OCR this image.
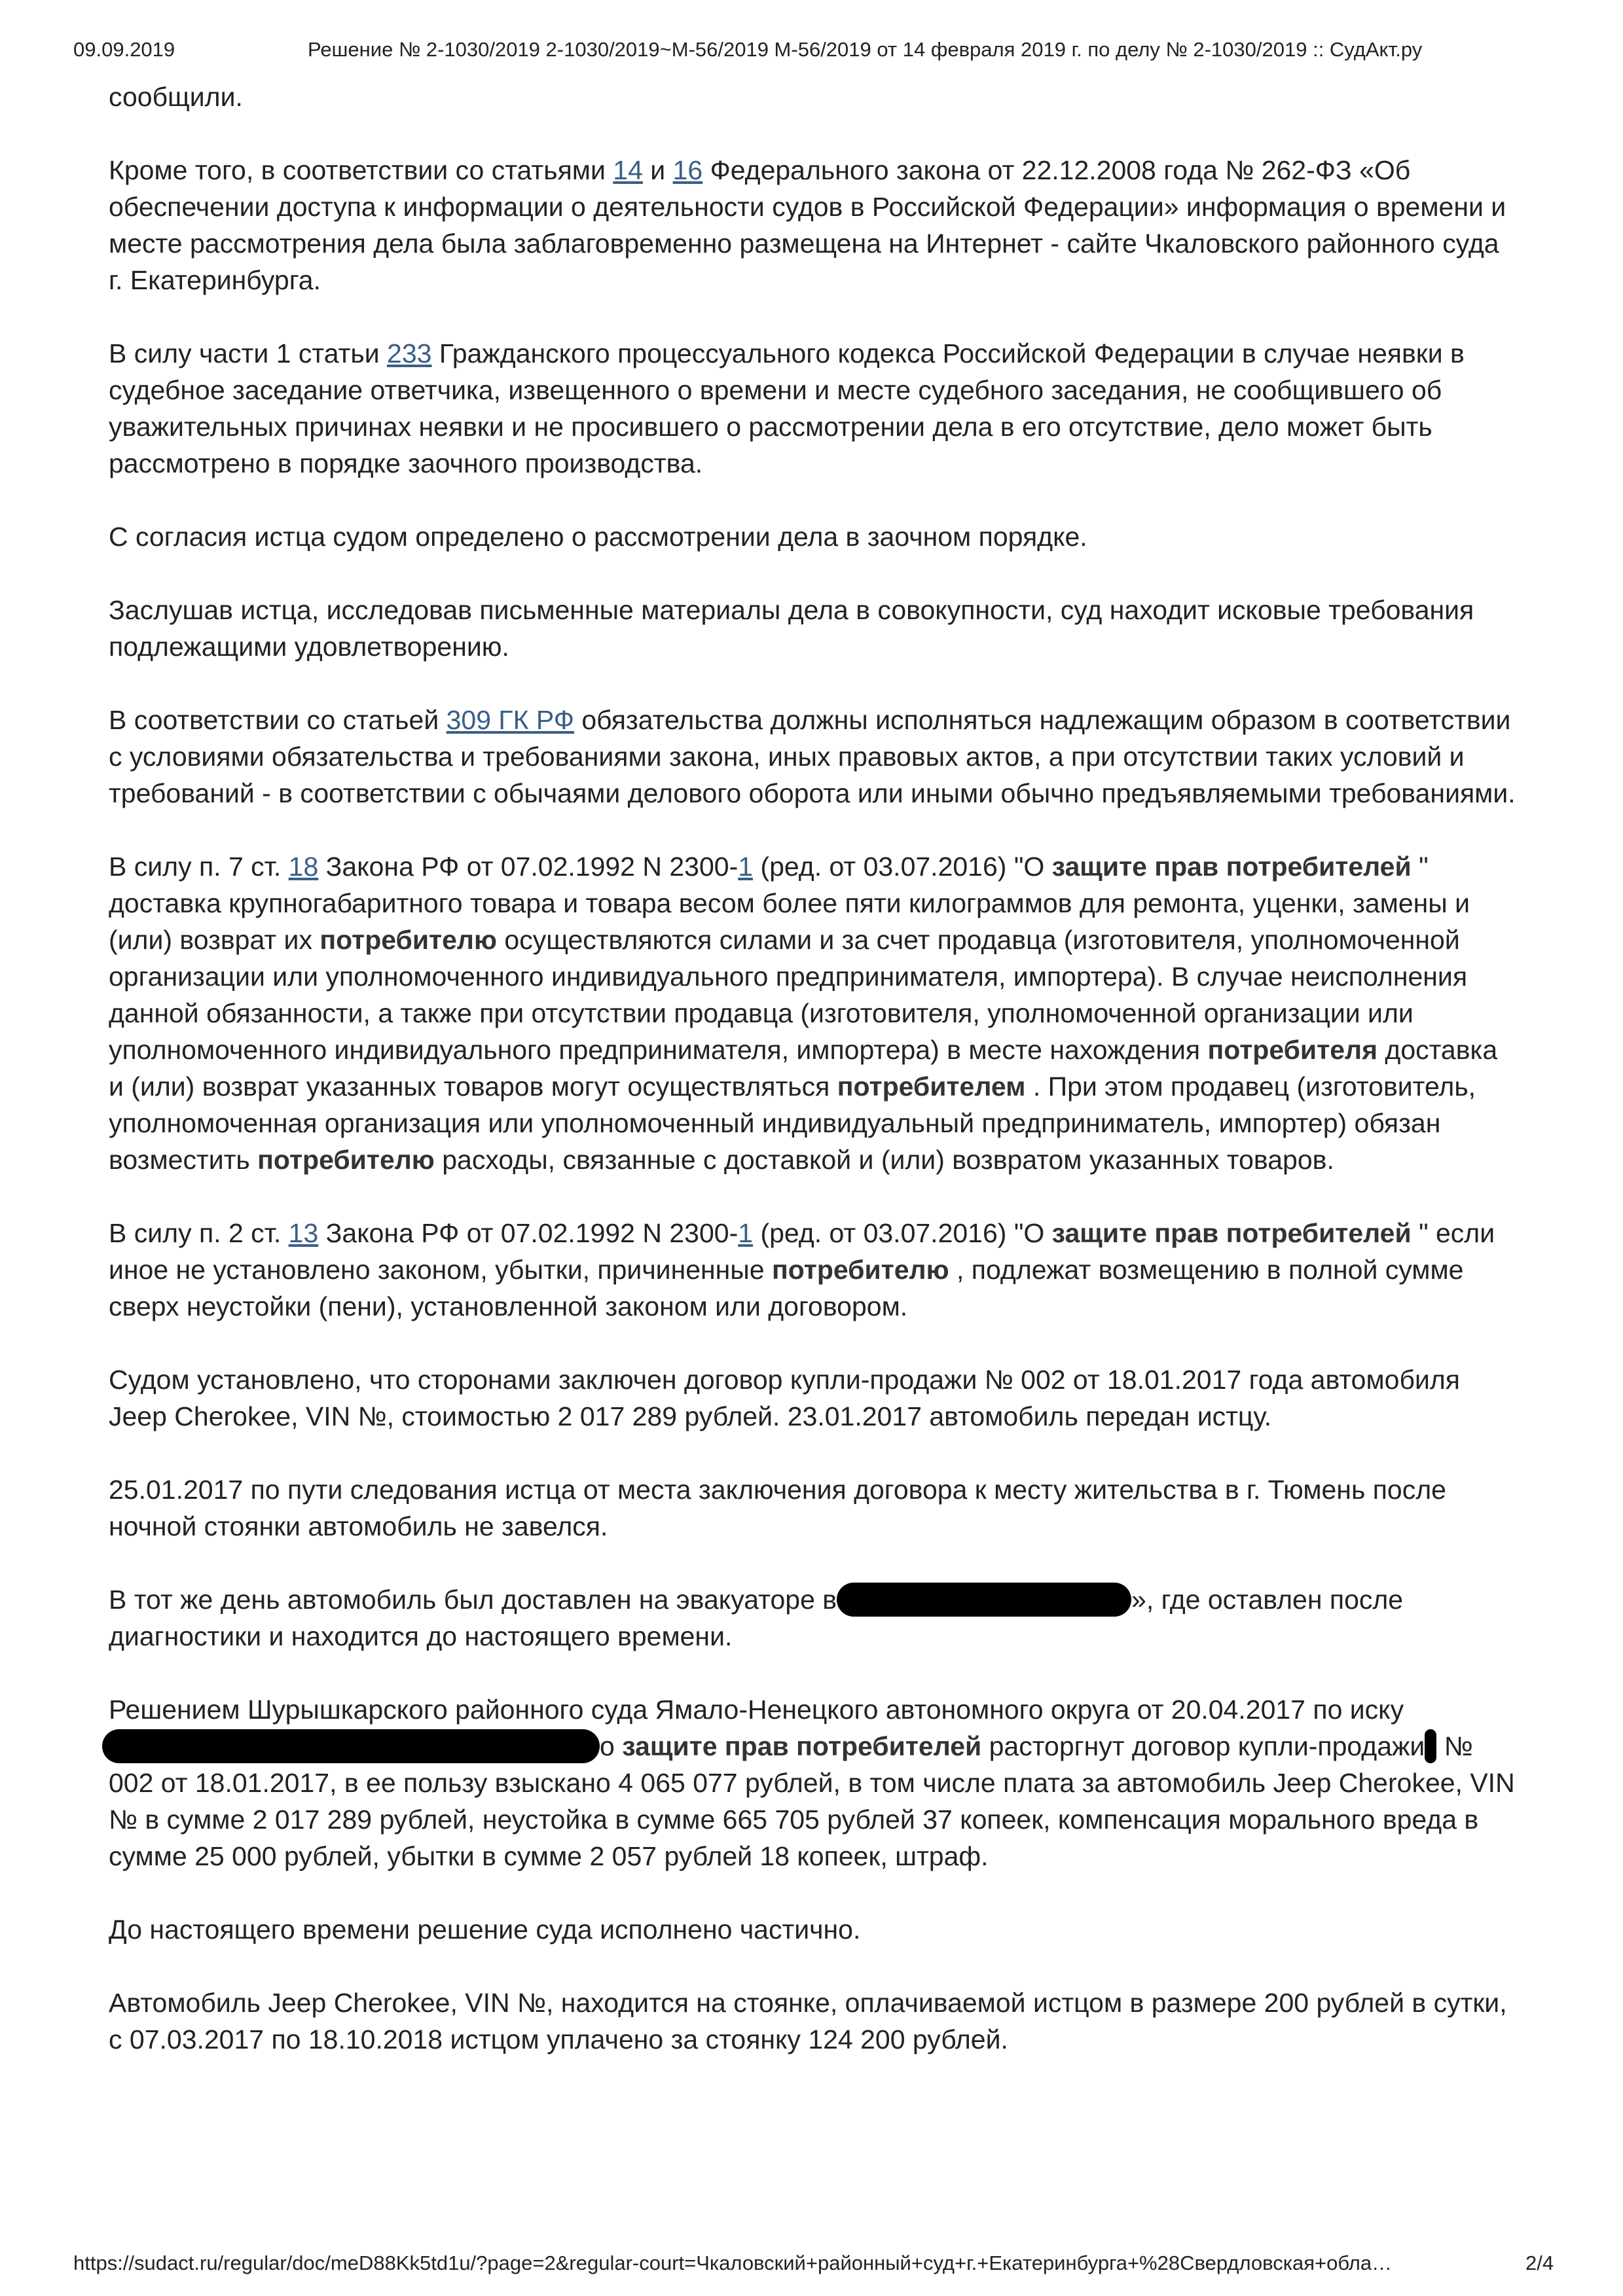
09.09.2019	Решение № 2-1030/2019 2-1030/2019~М-56/2019 М-56/2019 от 14 февраля 2019 г. по делу № 2-1030/2019 :: СудАкт.ру

сообщили.

Кроме того, в соответствии со статьями 14 и 16 Федерального закона от 22.12.2008 года № 262-ФЗ «Об обеспечении доступа к информации о деятельности судов в Российской Федерации» информация о времени и месте рассмотрения дела была заблаговременно размещена на Интернет - сайте Чкаловского районного суда г. Екатеринбурга.

В силу части 1 статьи 233 Гражданского процессуального кодекса Российской Федерации в случае неявки в судебное заседание ответчика, извещенного о времени и месте судебного заседания, не сообщившего об уважительных причинах неявки и не просившего о рассмотрении дела в его отсутствие, дело может быть рассмотрено в порядке заочного производства.

С согласия истца судом определено о рассмотрении дела в заочном порядке.

Заслушав истца, исследовав письменные материалы дела в совокупности, суд находит исковые требования подлежащими удовлетворению.

В соответствии со статьей 309 ГК РФ обязательства должны исполняться надлежащим образом в соответствии с условиями обязательства и требованиями закона, иных правовых актов, а при отсутствии таких условий и требований - в соответствии с обычаями делового оборота или иными обычно предъявляемыми требованиями.

В силу п. 7 ст. 18 Закона РФ от 07.02.1992 N 2300-1 (ред. от 03.07.2016) "О защите прав потребителей " доставка крупногабаритного товара и товара весом более пяти килограммов для ремонта, уценки, замены и (или) возврат их потребителю осуществляются силами и за счет продавца (изготовителя, уполномоченной организации или уполномоченного индивидуального предпринимателя, импортера). В случае неисполнения данной обязанности, а также при отсутствии продавца (изготовителя, уполномоченной организации или уполномоченного индивидуального предпринимателя, импортера) в месте нахождения потребителя доставка и (или) возврат указанных товаров могут осуществляться потребителем . При этом продавец (изготовитель, уполномоченная организация или уполномоченный индивидуальный предприниматель, импортер) обязан возместить потребителю расходы, связанные с доставкой и (или) возвратом указанных товаров.

В силу п. 2 ст. 13 Закона РФ от 07.02.1992 N 2300-1 (ред. от 03.07.2016) "О защите прав потребителей " если иное не установлено законом, убытки, причиненные потребителю , подлежат возмещению в полной сумме сверх неустойки (пени), установленной законом или договором.

Судом установлено, что сторонами заключен договор купли-продажи № 002 от 18.01.2017 года автомобиля Jeep Cherokee, VIN №, стоимостью 2 017 289 рублей. 23.01.2017 автомобиль передан истцу.

25.01.2017 по пути следования истца от места заключения договора к месту жительства в г. Тюмень после ночной стоянки автомобиль не завелся.

В тот же день автомобиль был доставлен на эвакуаторе в	», где оставлен после диагностики и находится до настоящего времени.

Решением Шурышкарского районного суда Ямало-Ненецкого автономного округа от 20.04.2017 по иску о защите прав потребителей расторгнут договор купли-продажи № 002 от 18.01.2017, в ее пользу взыскано 4 065 077 рублей, в том числе плата за автомобиль Jeep Cherokee, VIN № в сумме 2 017 289 рублей, неустойка в сумме 665 705 рублей 37 копеек, компенсация морального вреда в сумме 25 000 рублей, убытки в сумме 2 057 рублей 18 копеек, штраф.

До настоящего времени решение суда исполнено частично.

Автомобиль Jeep Cherokee, VIN №, находится на стоянке, оплачиваемой истцом в размере 200 рублей в сутки, с 07.03.2017 по 18.10.2018 истцом уплачено за стоянку 124 200 рублей.

https://sudact.ru/regular/doc/meD88Kk5td1u/?page=2&regular-court=Чкаловский+районный+суд+г.+Екатеринбурга+%28Свердловская+обла…	2/4
